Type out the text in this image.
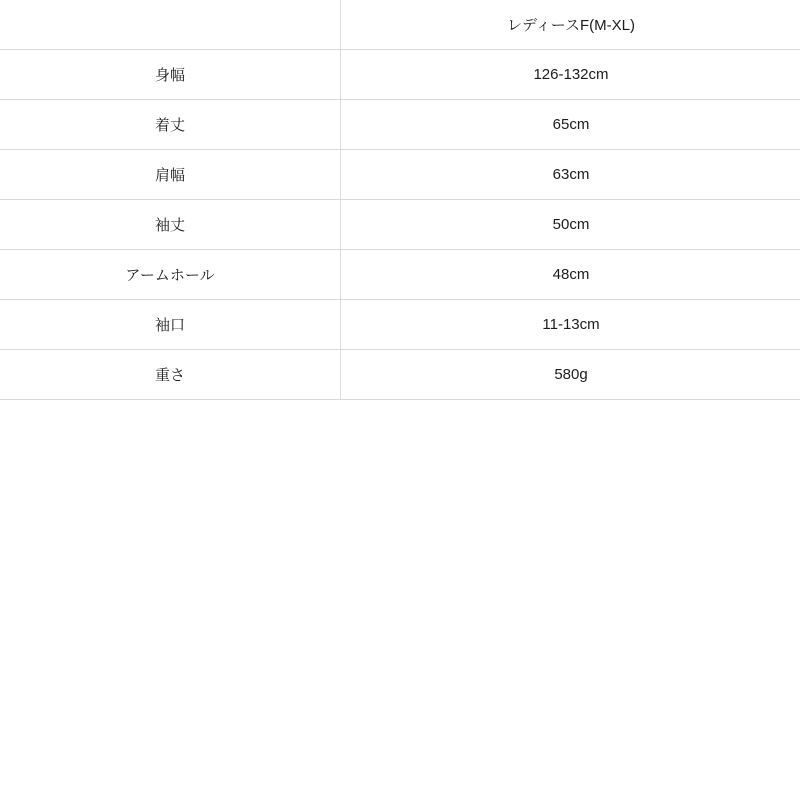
	レディースF(M-XL)
身幅	126-132cm
着丈	65cm
肩幅	63cm
袖丈	50cm
アームホール	48cm
袖口	11-13cm
重さ	580g
